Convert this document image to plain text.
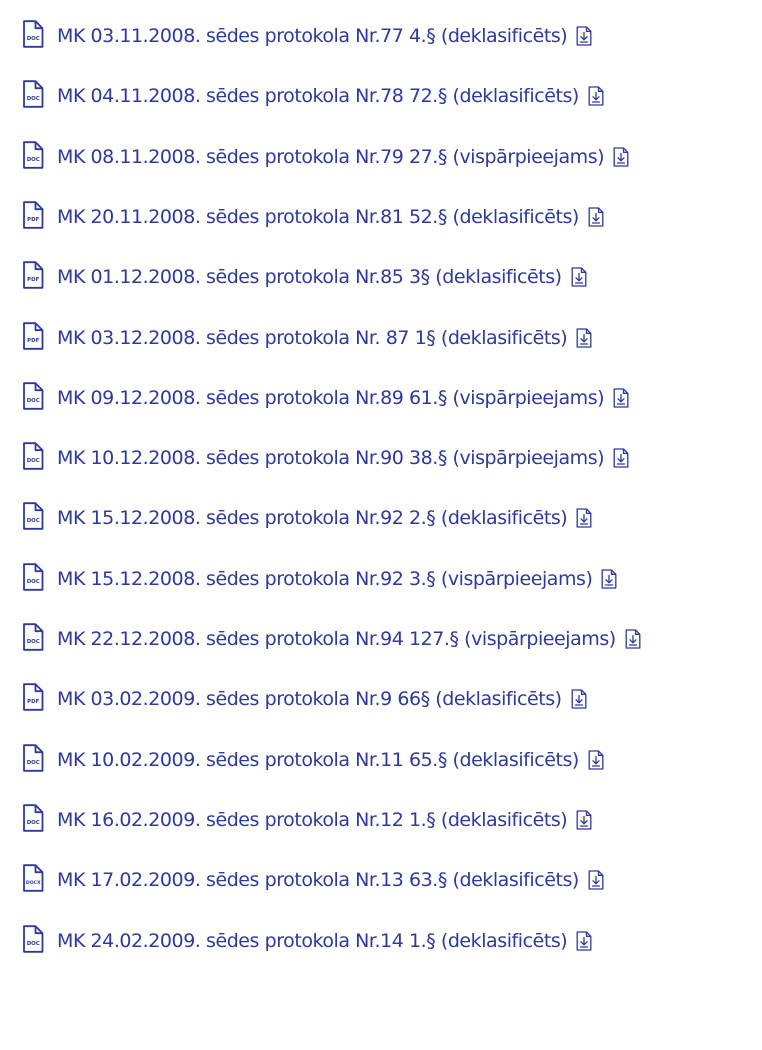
DOC MK 03.11.2008. sēdes protokola Nr.77 4.§ (deklasificēts)
DOC MK 04.11.2008. sēdes protokola Nr.78 72.§ (deklasificēts)
DOC MK 08.11.2008. sēdes protokola Nr.79 27.§ (vispārpieejams)
PDF MK 20.11.2008. sēdes protokola Nr.81 52.§ (deklasificēts)
PDF MK 01.12.2008. sēdes protokola Nr.85 3§ (deklasificēts)
PDF MK 03.12.2008. sēdes protokola Nr. 87 1§ (deklasificēts)
DOC MK 09.12.2008. sēdes protokola Nr.89 61.§ (vispārpieejams)
DOC MK 10.12.2008. sēdes protokola Nr.90 38.§ (vispārpieejams)
DOC MK 15.12.2008. sēdes protokola Nr.92 2.§ (deklasificēts)
DOC MK 15.12.2008. sēdes protokola Nr.92 3.§ (vispārpieejams)
DOC MK 22.12.2008. sēdes protokola Nr.94 127.§ (vispārpieejams)
PDF MK 03.02.2009. sēdes protokola Nr.9 66§ (deklasificēts)
DOC MK 10.02.2009. sēdes protokola Nr.11 65.§ (deklasificēts)
DOC MK 16.02.2009. sēdes protokola Nr.12 1.§ (deklasificēts)
DOCX MK 17.02.2009. sēdes protokola Nr.13 63.§ (deklasificēts)
DOC MK 24.02.2009. sēdes protokola Nr.14 1.§ (deklasificēts)
